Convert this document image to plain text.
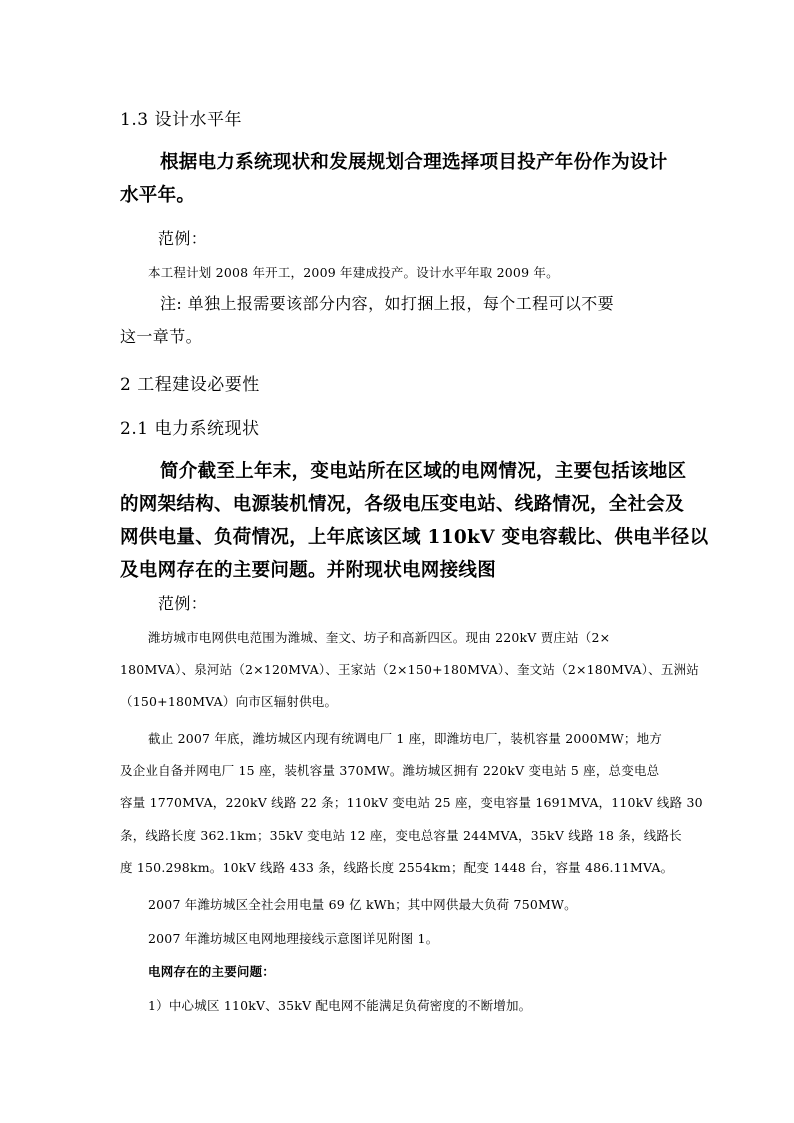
1.3 设计水平年

根据电力系统现状和发展规划合理选择项目投产年份作为设计

水平年。

范例：

本工程计划 2008 年开工，2009 年建成投产。设计水平年取 2009 年。

注: 单独上报需要该部分内容，如打捆上报，每个工程可以不要

这一章节。

2 工程建设必要性

2.1 电力系统现状

简介截至上年末，变电站所在区域的电网情况，主要包括该地区

的网架结构、电源装机情况，各级电压变电站、线路情况，全社会及

网供电量、负荷情况，上年底该区域 110kV 变电容载比、供电半径以

及电网存在的主要问题。并附现状电网接线图

范例：

潍坊城市电网供电范围为潍城、奎文、坊子和高新四区。现由 220kV 贾庄站（2×

180MVA）、泉河站（2×120MVA）、王家站（2×150+180MVA）、奎文站（2×180MVA）、五洲站

（150+180MVA）向市区辐射供电。

截止 2007 年底，潍坊城区内现有统调电厂 1 座，即潍坊电厂，装机容量 2000MW；地方

及企业自备并网电厂 15 座，装机容量 370MW。潍坊城区拥有 220kV 变电站 5 座，总变电总

容量 1770MVA，220kV 线路 22 条；110kV 变电站 25 座，变电容量 1691MVA，110kV 线路 30

条，线路长度 362.1km；35kV 变电站 12 座，变电总容量 244MVA，35kV 线路 18 条，线路长

度 150.298km。10kV 线路 433 条，线路长度 2554km；配变 1448 台，容量 486.11MVA。

2007 年潍坊城区全社会用电量 69 亿 kWh；其中网供最大负荷 750MW。

2007 年潍坊城区电网地理接线示意图详见附图 1。

电网存在的主要问题：

1）中心城区 110kV、35kV 配电网不能满足负荷密度的不断增加。
